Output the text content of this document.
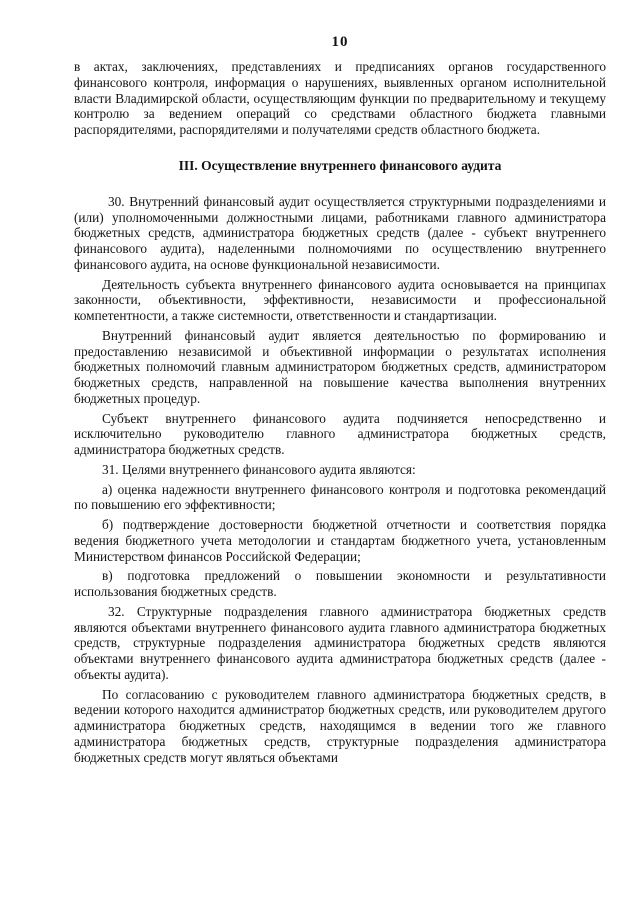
10

в актах, заключениях, представлениях и предписаниях органов государственного финансового контроля, информация о нарушениях, выявленных органом исполнительной власти Владимирской области, осуществляющим функции по предварительному и текущему контролю за ведением операций со средствами областного бюджета главными распорядителями, распорядителями и получателями средств областного бюджета.

III. Осуществление внутреннего финансового аудита

30. Внутренний финансовый аудит осуществляется структурными подразделениями и (или) уполномоченными должностными лицами, работниками главного администратора бюджетных средств, администратора бюджетных средств (далее - субъект внутреннего финансового аудита), наделенными полномочиями по осуществлению внутреннего финансового аудита, на основе функциональной независимости.

Деятельность субъекта внутреннего финансового аудита основывается на принципах законности, объективности, эффективности, независимости и профессиональной компетентности, а также системности, ответственности и стандартизации.

Внутренний финансовый аудит является деятельностью по формированию и предоставлению независимой и объективной информации о результатах исполнения бюджетных полномочий главным администратором бюджетных средств, администратором бюджетных средств, направленной на повышение качества выполнения внутренних бюджетных процедур.

Субъект внутреннего финансового аудита подчиняется непосредственно и исключительно руководителю главного администратора бюджетных средств, администратора бюджетных средств.

31. Целями внутреннего финансового аудита являются:

а) оценка надежности внутреннего финансового контроля и подготовка рекомендаций по повышению его эффективности;

б) подтверждение достоверности бюджетной отчетности и соответствия порядка ведения бюджетного учета методологии и стандартам бюджетного учета, установленным Министерством финансов Российской Федерации;

в) подготовка предложений о повышении экономности и результативности использования бюджетных средств.

32. Структурные подразделения главного администратора бюджетных средств являются объектами внутреннего финансового аудита главного администратора бюджетных средств, структурные подразделения администратора бюджетных средств являются объектами внутреннего финансового аудита администратора бюджетных средств (далее - объекты аудита).

По согласованию с руководителем главного администратора бюджетных средств, в ведении которого находится администратор бюджетных средств, или руководителем другого администратора бюджетных средств, находящимся в ведении того же главного администратора бюджетных средств, структурные подразделения администратора бюджетных средств могут являться объектами
